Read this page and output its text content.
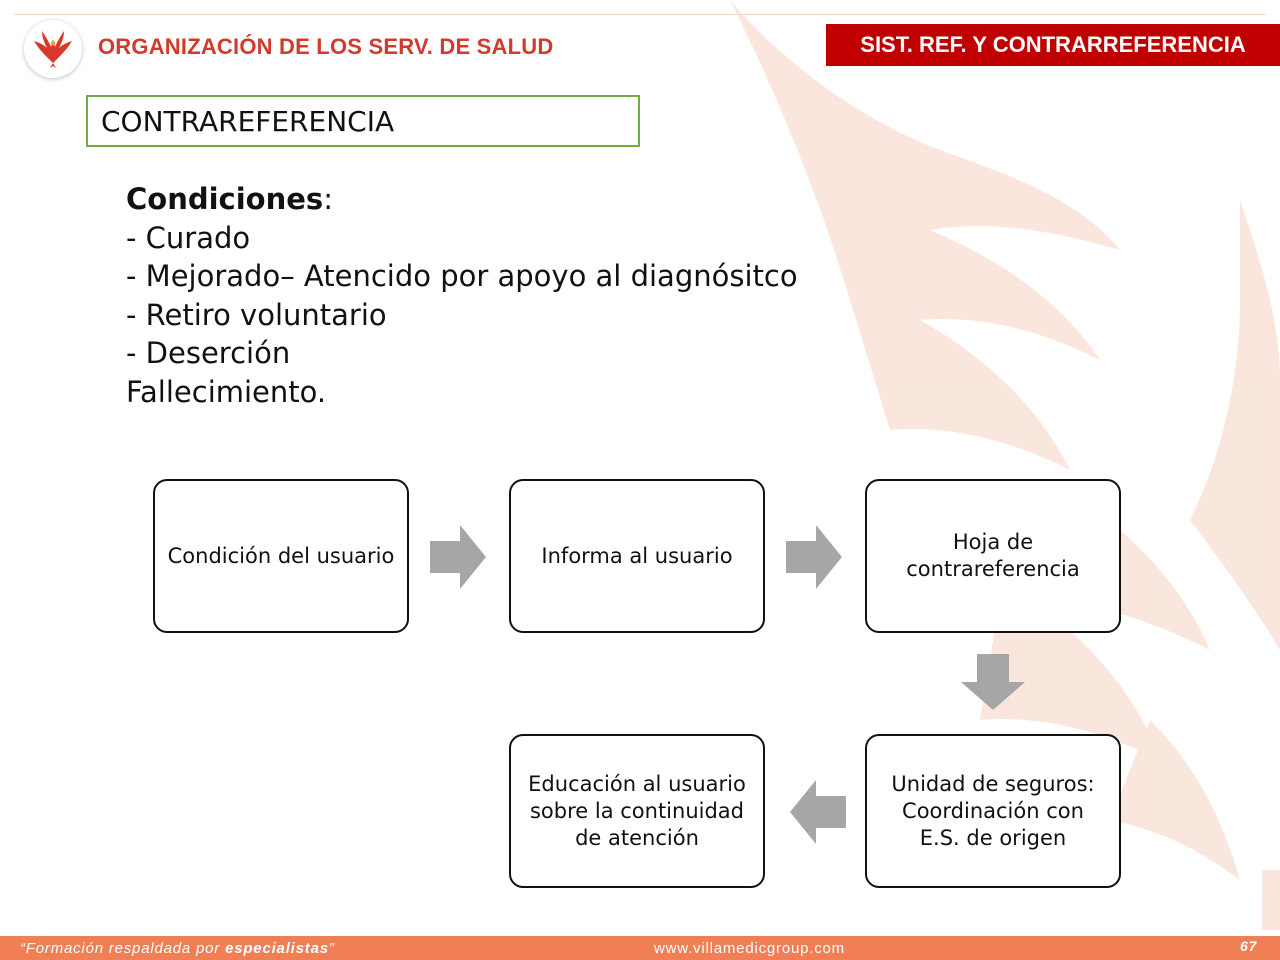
ORGANIZACIÓN DE LOS SERV. DE SALUD	SIST. REF. Y CONTRARREFERENCIA
CONTRAREFERENCIA
Condiciones:
- Curado
- Mejorado– Atencido por apoyo al diagnósitco
- Retiro voluntario
- Deserción
Fallecimiento.
Condición del usuario	Informa al usuario
Hoja de contrareferencia
Unidad de seguros: Coordinación con E.S. de origen
Educación al usuario sobre la continuidad de atención
“Formación respaldada por especialistas”	www.villamedicgroup.com	67
